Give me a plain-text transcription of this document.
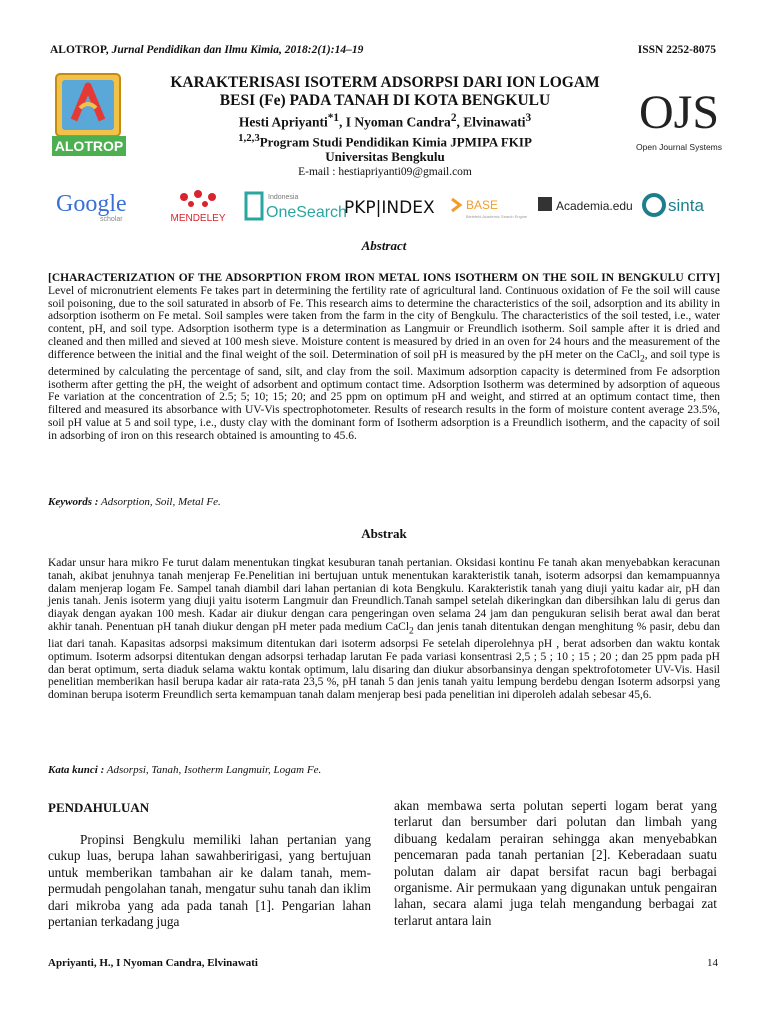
ALOTROP, Jurnal Pendidikan dan Ilmu Kimia, 2018:2(1):14–19	ISSN 2252-8075
ALOTROP
OJS
Open Journal Systems
KARAKTERISASI ISOTERM ADSORPSI DARI ION LOGAM
BESI (Fe) PADA TANAH DI KOTA BENGKULU
Hesti Apriyanti$^{*1}$, I Nyoman Candra$^2$, Elvinawati$^3$
$^{1,2,3}$Program Studi Pendidikan Kimia JPMIPA FKIP
Universitas Bengkulu
E-mail : hestiapriyanti09@gmail.com
Google
scholar	MENDELEY
Indonesia
OneSearch
PKP|INDEX	BASE
Bielefeld Academic Search Engine
Academia.edu sinta
Abstract

[CHARACTERIZATION OF THE ADSORPTION FROM IRON METAL IONS ISOTHERM ON THE SOIL IN BENGKULU CITY] Level of micronutrient elements Fe takes part in determining the fertility rate of agricultural land. Continuous oxidation of Fe the soil will cause soil poisoning, due to the soil saturated in absorb of Fe. This research aims to determine the characteristics of the soil, adsorption and its ability in adsorption isotherm on Fe metal. Soil samples were taken from the farm in the city of Bengkulu. The characteristics of the soil tested, i.e., water content, pH, and soil type. Adsorption isotherm type is a determination as Langmuir or Freundlich isotherm. Soil sample after it is dried and cleaned and then milled and sieved at 100 mesh sieve. Moisture content is measured by dried in an oven for 24 hours and the measurement of the difference between the initial and the final weight of the soil. Determination of soil pH is measured by the pH meter on the CaCl$_2$, and soil type is determined by calculating the percentage of sand, silt, and clay from the soil. Maximum adsorption capacity is determined from Fe adsorption isotherm after getting the pH, the weight of adsorbent and optimum contact time. Adsorption Isotherm was determined by adsorption of aqueous Fe variation at the concentration of 2.5; 5; 10; 15; 20; and 25 ppm on optimum pH and weight, and stirred at an optimum contact time, then filtered and measured its absorbance with UV-Vis spectrophotometer. Results of research results in the form of moisture content average 23.5%, soil pH value at 5 and soil type, i.e., dusty clay with the dominant form of Isotherm adsorption is a Freundlich isotherm, and the capacity of soil in adsorbing of iron on this research obtained is amounting to 45.6.

Keywords : Adsorption, Soil, Metal Fe.

Abstrak

Kadar unsur hara mikro Fe turut dalam menentukan tingkat kesuburan tanah pertanian. Oksidasi kontinu Fe tanah akan menyebabkan keracunan tanah, akibat jenuhnya tanah menjerap Fe.Penelitian ini bertujuan untuk menentukan karakteristik tanah, isoterm adsorpsi dan kemampuannya dalam menjerap logam Fe. Sampel tanah diambil dari lahan pertanian di kota Bengkulu. Karakteristik tanah yang diuji yaitu kadar air, pH dan jenis tanah. Jenis isoterm yang diuji yaitu isoterm Langmuir dan Freundlich.Tanah sampel setelah dikeringkan dan dibersihkan lalu di gerus dan diayak dengan ayakan 100 mesh. Kadar air diukur dengan cara pengeringan oven selama 24 jam dan pengukuran selisih berat awal dan berat akhir tanah. Penentuan pH tanah diukur dengan pH meter pada medium CaCl$_2$ dan jenis tanah ditentukan dengan menghitung % pasir, debu dan liat dari tanah. Kapasitas adsorpsi maksimum ditentukan dari isoterm adsorpsi Fe setelah diperolehnya pH , berat adsorben dan waktu kontak optimum. Isoterm adsorpsi ditentukan dengan adsorpsi terhadap larutan Fe pada variasi konsentrasi 2,5 ; 5 ; 10 ; 15 ; 20 ; dan 25 ppm pada pH dan berat optimum, serta diaduk selama waktu kontak optimum, lalu disaring dan diukur absorbansinya dengan spektrofotometer UV-Vis. Hasil penelitian memberikan hasil berupa kadar air rata-rata 23,5 %, pH tanah 5 dan jenis tanah yaitu lempung berdebu dengan Isoterm adsorpsi yang dominan berupa isoterm Freundlich serta kemampuan tanah dalam menjerap besi pada penelitian ini diperoleh adalah sebesar 45,6.

Kata kunci : Adsorpsi, Tanah, Isotherm Langmuir, Logam Fe.

PENDAHULUAN

Propinsi Bengkulu memiliki lahan pertanian yang cukup luas, berupa lahan sawahberirigasi, yang bertujuan untuk memberikan tambahan air ke dalam tanah, mem-permudah pengolahan tanah, mengatur suhu tanah dan iklim dari mikroba yang ada pada tanah [1]. Pengarian lahan pertanian terkadang juga

akan membawa serta polutan seperti logam berat yang terlarut dan bersumber dari polutan dan limbah yang dibuang kedalam perairan sehingga akan menyebabkan pencemaran pada tanah pertanian [2]. Keberadaan suatu polutan dalam air dapat bersifat racun bagi berbagai organisme. Air permukaan yang digunakan untuk pengairan lahan, secara alami juga telah mengandung berbagai zat terlarut antara lain

Apriyanti, H., I Nyoman Candra, Elvinawati	14
